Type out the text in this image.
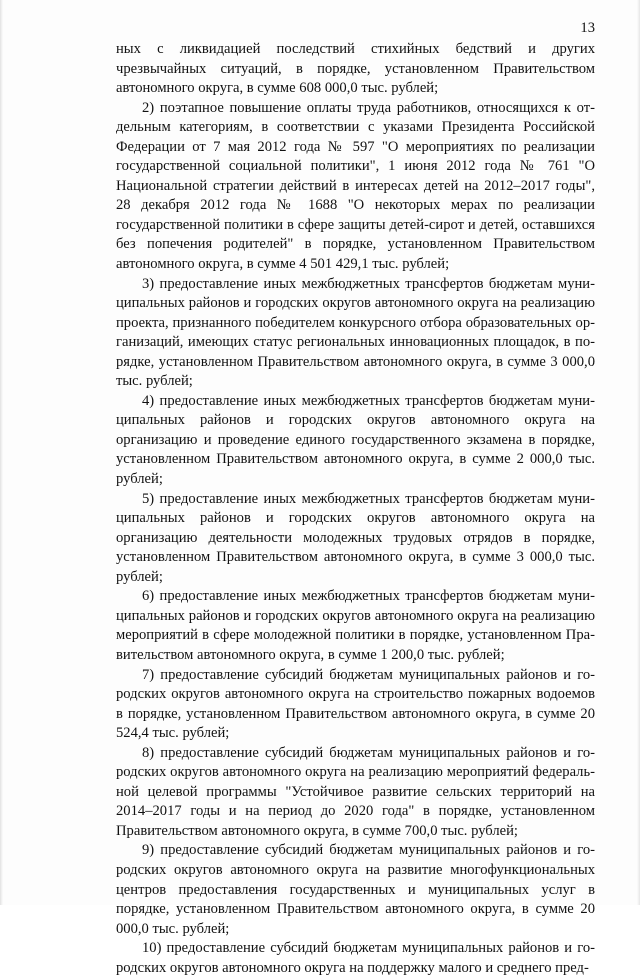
13

ных с ликвидацией последствий стихийных бедствий и других чрезвычайных ситуаций, в порядке, установленном Правительством автономного округа, в сумме 608 000,0 тыс. рублей;

2) поэтапное повышение оплаты труда работников, относящихся к отдельным категориям, в соответствии с указами Президента Российской Федерации от 7 мая 2012 года № 597 "О мероприятиях по реализации государственной социальной политики", 1 июня 2012 года № 761 "О Национальной стратегии действий в интересах детей на 2012–2017 годы", 28 декабря 2012 года № 1688 "О некоторых мерах по реализации государственной политики в сфере защиты детей-сирот и детей, оставшихся без попечения родителей" в порядке, установленном Правительством автономного округа, в сумме 4 501 429,1 тыс. рублей;

3) предоставление иных межбюджетных трансфертов бюджетам муниципальных районов и городских округов автономного округа на реализацию проекта, признанного победителем конкурсного отбора образовательных организаций, имеющих статус региональных инновационных площадок, в порядке, установленном Правительством автономного округа, в сумме 3 000,0 тыс. рублей;

4) предоставление иных межбюджетных трансфертов бюджетам муниципальных районов и городских округов автономного округа на организацию и проведение единого государственного экзамена в порядке, установленном Правительством автономного округа, в сумме 2 000,0 тыс. рублей;

5) предоставление иных межбюджетных трансфертов бюджетам муниципальных районов и городских округов автономного округа на организацию деятельности молодежных трудовых отрядов в порядке, установленном Правительством автономного округа, в сумме 3 000,0 тыс. рублей;

6) предоставление иных межбюджетных трансфертов бюджетам муниципальных районов и городских округов автономного округа на реализацию мероприятий в сфере молодежной политики в порядке, установленном Правительством автономного округа, в сумме 1 200,0 тыс. рублей;

7) предоставление субсидий бюджетам муниципальных районов и городских округов автономного округа на строительство пожарных водоемов в порядке, установленном Правительством автономного округа, в сумме 20 524,4 тыс. рублей;

8) предоставление субсидий бюджетам муниципальных районов и городских округов автономного округа на реализацию мероприятий федеральной целевой программы "Устойчивое развитие сельских территорий на 2014–2017 годы и на период до 2020 года" в порядке, установленном Правительством автономного округа, в сумме 700,0 тыс. рублей;

9) предоставление субсидий бюджетам муниципальных районов и городских округов автономного округа на развитие многофункциональных центров предоставления государственных и муниципальных услуг в порядке, установленном Правительством автономного округа, в сумме 20 000,0 тыс. рублей;

10) предоставление субсидий бюджетам муниципальных районов и городских округов автономного округа на поддержку малого и среднего пред-
